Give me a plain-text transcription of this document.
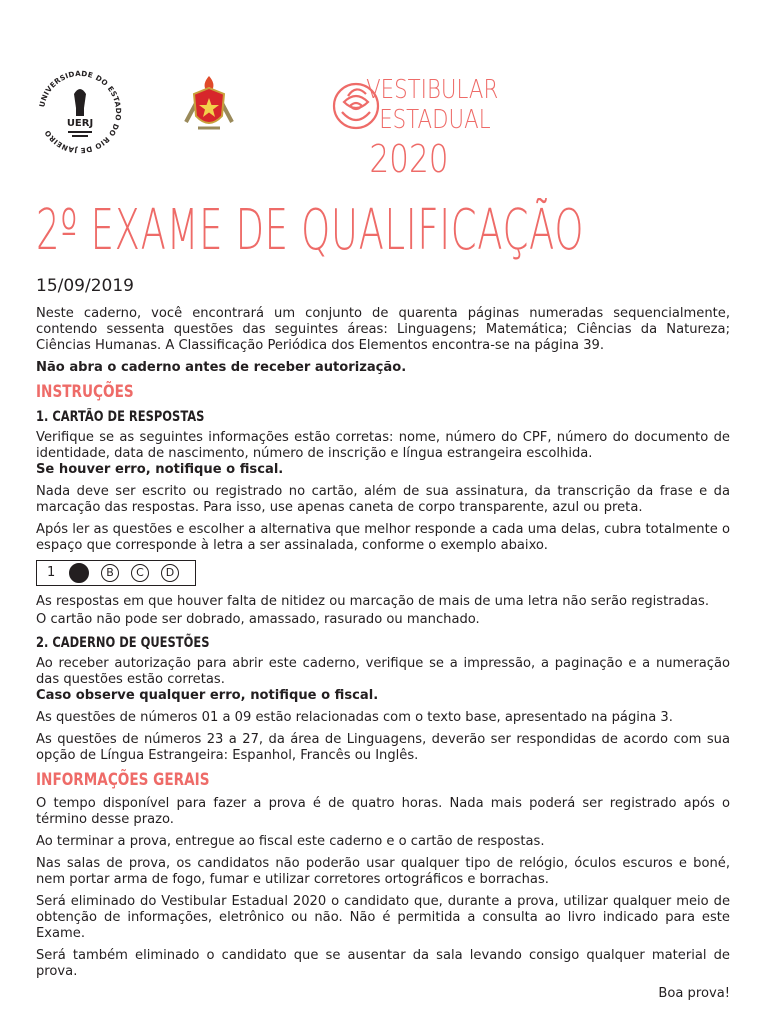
UNIVERSIDADE DO ESTADO DO RIO DE JANEIRO
UERJ
VESTIBULAR
ESTADUAL
2020
2º EXAME DE QUALIFICAÇÃO
15/09/2019

Neste caderno, você encontrará um conjunto de quarenta páginas numeradas sequencialmente, contendo sessenta questões das seguintes áreas: Linguagens; Matemática; Ciências da Natureza; Ciências Humanas. A Classificação Periódica dos Elementos encontra-se na página 39.

Não abra o caderno antes de receber autorização.

INSTRUÇÕES
1. CARTÃO DE RESPOSTAS

Verifique se as seguintes informações estão corretas: nome, número do CPF, número do documento de identidade, data de nascimento, número de inscrição e língua estrangeira escolhida.

Se houver erro, notifique o fiscal.

Nada deve ser escrito ou registrado no cartão, além de sua assinatura, da transcrição da frase e da marcação das respostas. Para isso, use apenas caneta de corpo transparente, azul ou preta.

Após ler as questões e escolher a alternativa que melhor responde a cada uma delas, cubra totalmente o espaço que corresponde à letra a ser assinalada, conforme o exemplo abaixo.

1	B	C	D

As respostas em que houver falta de nitidez ou marcação de mais de uma letra não serão registradas.

O cartão não pode ser dobrado, amassado, rasurado ou manchado.

2. CADERNO DE QUESTÕES

Ao receber autorização para abrir este caderno, verifique se a impressão, a paginação e a numeração das questões estão corretas.

Caso observe qualquer erro, notifique o fiscal.

As questões de números 01 a 09 estão relacionadas com o texto base, apresentado na página 3.

As questões de números 23 a 27, da área de Linguagens, deverão ser respondidas de acordo com sua opção de Língua Estrangeira: Espanhol, Francês ou Inglês.

INFORMAÇÕES GERAIS

O tempo disponível para fazer a prova é de quatro horas. Nada mais poderá ser registrado após o término desse prazo.

Ao terminar a prova, entregue ao fiscal este caderno e o cartão de respostas.

Nas salas de prova, os candidatos não poderão usar qualquer tipo de relógio, óculos escuros e boné, nem portar arma de fogo, fumar e utilizar corretores ortográficos e borrachas.

Será eliminado do Vestibular Estadual 2020 o candidato que, durante a prova, utilizar qualquer meio de obtenção de informações, eletrônico ou não. Não é permitida a consulta ao livro indicado para este Exame.

Será também eliminado o candidato que se ausentar da sala levando consigo qualquer material de prova.

Boa prova!
